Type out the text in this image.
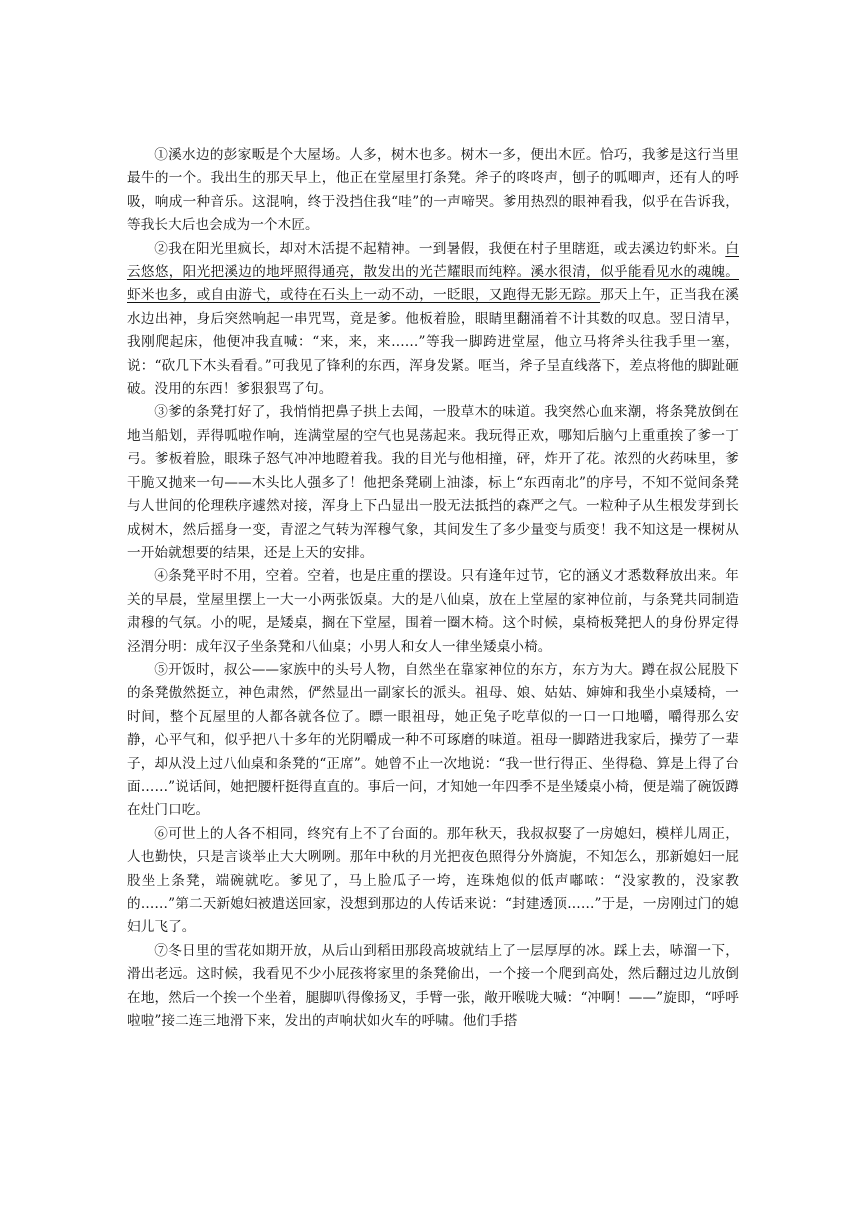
①溪水边的彭家畈是个大屋场。人多，树木也多。树木一多，便出木匠。恰巧，我爹是这行当里最牛的一个。我出生的那天早上，他正在堂屋里打条凳。斧子的咚咚声，刨子的呱唧声，还有人的呼吸，响成一种音乐。这混响，终于没挡住我“哇”的一声啼哭。爹用热烈的眼神看我，似乎在告诉我，等我长大后也会成为一个木匠。

②我在阳光里疯长，却对木活提不起精神。一到暑假，我便在村子里瞎逛，或去溪边钓虾米。白云悠悠，阳光把溪边的地坪照得通亮，散发出的光芒耀眼而纯粹。溪水很清，似乎能看见水的魂魄。虾米也多，或自由游弋，或待在石头上一动不动，一眨眼，又跑得无影无踪。那天上午，正当我在溪水边出神，身后突然响起一串咒骂，竟是爹。他板着脸，眼睛里翻涌着不计其数的叹息。翌日清早，我刚爬起床，他便冲我直喊：“来，来，来……”等我一脚跨进堂屋，他立马将斧头往我手里一塞，说：“砍几下木头看看。”可我见了锋利的东西，浑身发紧。哐当，斧子呈直线落下，差点将他的脚趾砸破。没用的东西！爹狠狠骂了句。

③爹的条凳打好了，我悄悄把鼻子拱上去闻，一股草木的味道。我突然心血来潮，将条凳放倒在地当船划，弄得呱啦作响，连满堂屋的空气也晃荡起来。我玩得正欢，哪知后脑勺上重重挨了爹一丁弓。爹板着脸，眼珠子怒气冲冲地瞪着我。我的目光与他相撞，砰，炸开了花。浓烈的火药味里，爹干脆又抛来一句——木头比人强多了！他把条凳刷上油漆，标上“东西南北”的序号，不知不觉间条凳与人世间的伦理秩序遽然对接，浑身上下凸显出一股无法抵挡的森严之气。一粒种子从生根发芽到长成树木，然后摇身一变，青涩之气转为浑穆气象，其间发生了多少量变与质变！我不知这是一棵树从一开始就想要的结果，还是上天的安排。

④条凳平时不用，空着。空着，也是庄重的摆设。只有逢年过节，它的涵义才悉数释放出来。年关的早晨，堂屋里摆上一大一小两张饭桌。大的是八仙桌，放在上堂屋的家神位前，与条凳共同制造肃穆的气氛。小的呢，是矮桌，搁在下堂屋，围着一圈木椅。这个时候，桌椅板凳把人的身份界定得泾渭分明：成年汉子坐条凳和八仙桌；小男人和女人一律坐矮桌小椅。

⑤开饭时，叔公——家族中的头号人物，自然坐在靠家神位的东方，东方为大。蹲在叔公屁股下的条凳傲然挺立，神色肃然，俨然显出一副家长的派头。祖母、娘、姑姑、婶婶和我坐小桌矮椅，一时间，整个瓦屋里的人都各就各位了。瞟一眼祖母，她正兔子吃草似的一口一口地嚼，嚼得那么安静，心平气和，似乎把八十多年的光阴嚼成一种不可琢磨的味道。祖母一脚踏进我家后，操劳了一辈子，却从没上过八仙桌和条凳的“正席”。她曾不止一次地说：“我一世行得正、坐得稳、算是上得了台面……”说话间，她把腰杆挺得直直的。事后一问，才知她一年四季不是坐矮桌小椅，便是端了碗饭蹲在灶门口吃。

⑥可世上的人各不相同，终究有上不了台面的。那年秋天，我叔叔娶了一房媳妇，模样儿周正，人也勤快，只是言谈举止大大咧咧。那年中秋的月光把夜色照得分外旖旎，不知怎么，那新媳妇一屁股坐上条凳，端碗就吃。爹见了，马上脸瓜子一垮，连珠炮似的低声嘟哝：“没家教的，没家教的……”第二天新媳妇被遣送回家，没想到那边的人传话来说：“封建透顶……”于是，一房刚过门的媳妇儿飞了。

⑦冬日里的雪花如期开放，从后山到稻田那段高坡就结上了一层厚厚的冰。踩上去，哧溜一下，滑出老远。这时候，我看见不少小屁孩将家里的条凳偷出，一个接一个爬到高处，然后翻过边儿放倒在地，然后一个挨一个坐着，腿脚叭得像扬叉，手臂一张，敞开喉咙大喊：“冲啊！——”旋即，“呼呼啦啦”接二连三地滑下来，发出的声响状如火车的呼啸。他们手搭
